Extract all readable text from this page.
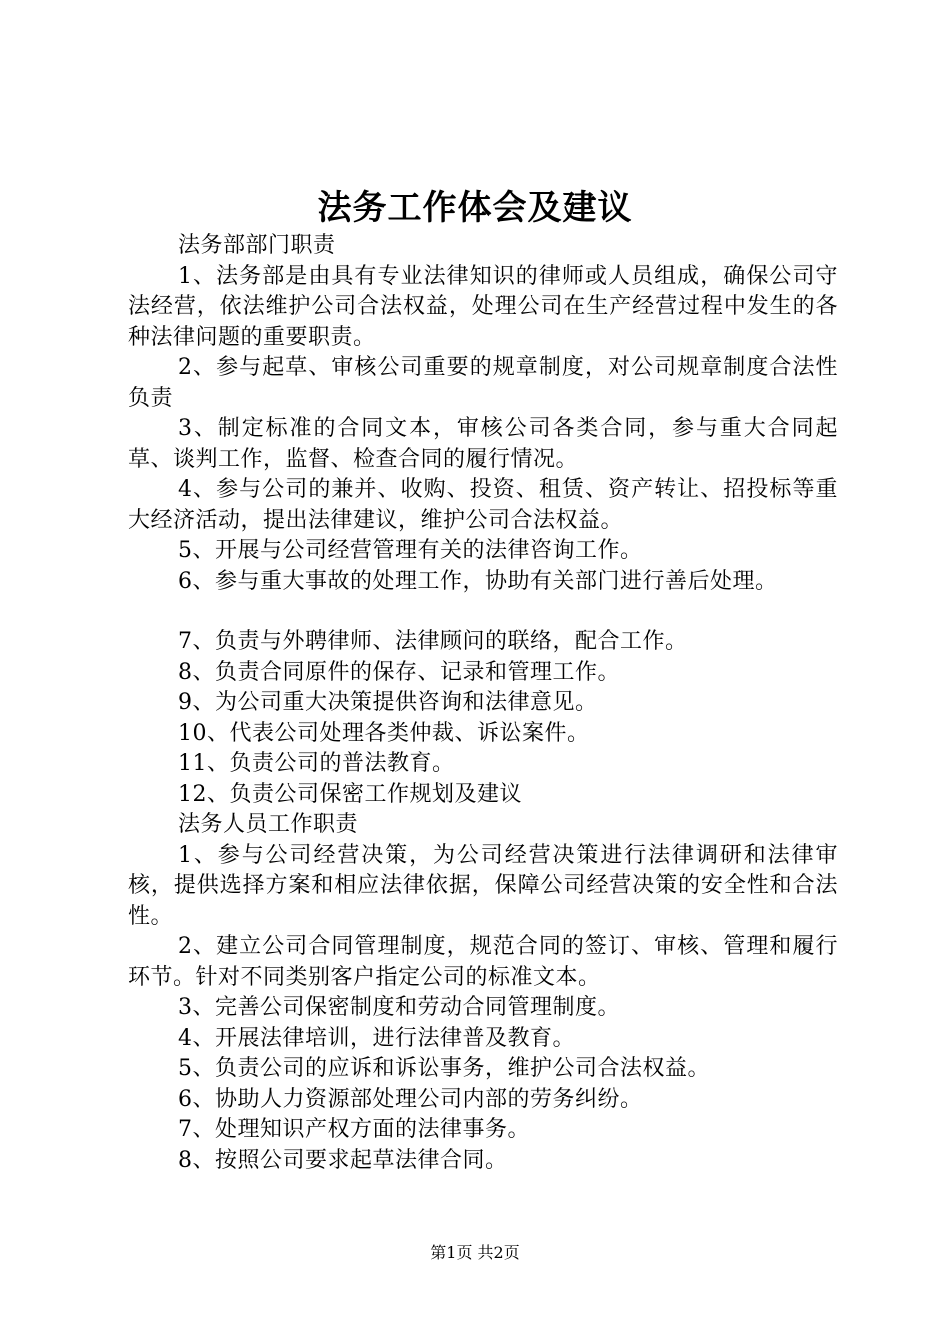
法务工作体会及建议

法务部部门职责

1、法务部是由具有专业法律知识的律师或人员组成，确保公司守法经营，依法维护公司合法权益，处理公司在生产经营过程中发生的各种法律问题的重要职责。

2、参与起草、审核公司重要的规章制度，对公司规章制度合法性负责

3、制定标准的合同文本，审核公司各类合同，参与重大合同起草、谈判工作，监督、检查合同的履行情况。

4、参与公司的兼并、收购、投资、租赁、资产转让、招投标等重大经济活动，提出法律建议，维护公司合法权益。

5、开展与公司经营管理有关的法律咨询工作。

6、参与重大事故的处理工作，协助有关部门进行善后处理。

7、负责与外聘律师、法律顾问的联络，配合工作。

8、负责合同原件的保存、记录和管理工作。

9、为公司重大决策提供咨询和法律意见。

10、代表公司处理各类仲裁、诉讼案件。

11、负责公司的普法教育。

12、负责公司保密工作规划及建议

法务人员工作职责

1、参与公司经营决策，为公司经营决策进行法律调研和法律审核，提供选择方案和相应法律依据，保障公司经营决策的安全性和合法性。

2、建立公司合同管理制度，规范合同的签订、审核、管理和履行环节。针对不同类别客户指定公司的标准文本。

3、完善公司保密制度和劳动合同管理制度。

4、开展法律培训，进行法律普及教育。

5、负责公司的应诉和诉讼事务，维护公司合法权益。

6、协助人力资源部处理公司内部的劳务纠纷。

7、处理知识产权方面的法律事务。

8、按照公司要求起草法律合同。

第1页 共2页
